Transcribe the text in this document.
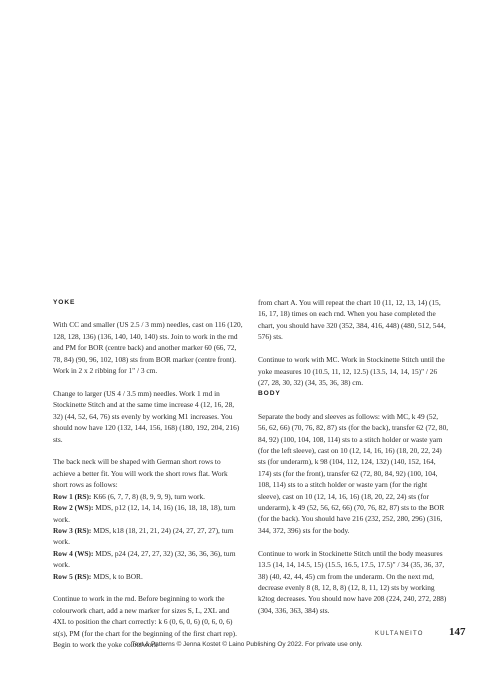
YOKE

With CC and smaller (US 2.5 / 3 mm) needles, cast on 116 (120, 128, 128, 136) (136, 140, 140, 140) sts. Join to work in the rnd and PM for BOR (centre back) and another marker 60 (66, 72, 78, 84) (90, 96, 102, 108) sts from BOR marker (centre front). Work in 2 x 2 ribbing for 1" / 3 cm.

Change to larger (US 4 / 3.5 mm) needles. Work 1 rnd in Stockinette Stitch and at the same time increase 4 (12, 16, 28, 32) (44, 52, 64, 76) sts evenly by working M1 increases. You should now have 120 (132, 144, 156, 168) (180, 192, 204, 216) sts.

The back neck will be shaped with German short rows to achieve a better fit. You will work the short rows flat. Work short rows as follows:

Row 1 (RS): K66 (6, 7, 7, 8) (8, 9, 9, 9), turn work.

Row 2 (WS): MDS, p12 (12, 14, 14, 16) (16, 18, 18, 18), turn work.

Row 3 (RS): MDS, k18 (18, 21, 21, 24) (24, 27, 27, 27), turn work.

Row 4 (WS): MDS, p24 (24, 27, 27, 32) (32, 36, 36, 36), turn work.

Row 5 (RS): MDS, k to BOR.

Continue to work in the rnd. Before beginning to work the colourwork chart, add a new marker for sizes S, L, 2XL and 4XL to position the chart correctly: k 6 (0, 6, 0, 6) (0, 6, 0, 6) st(s), PM (for the chart for the beginning of the first chart rep). Begin to work the yoke colourwork

from chart A. You will repeat the chart 10 (11, 12, 13, 14) (15, 16, 17, 18) times on each rnd. When you hase completed the chart, you should have 320 (352, 384, 416, 448) (480, 512, 544, 576) sts.

Continue to work with MC. Work in Stockinette Stitch until the yoke measures 10 (10.5, 11, 12, 12.5) (13.5, 14, 14, 15)" / 26 (27, 28, 30, 32) (34, 35, 36, 38) cm.

BODY

Separate the body and sleeves as follows: with MC, k 49 (52, 56, 62, 66) (70, 76, 82, 87) sts (for the back), transfer 62 (72, 80, 84, 92) (100, 104, 108, 114) sts to a stitch holder or waste yarn (for the left sleeve), cast on 10 (12, 14, 16, 16) (18, 20, 22, 24) sts (for underarm), k 98 (104, 112, 124, 132) (140, 152, 164, 174) sts (for the front), transfer 62 (72, 80, 84, 92) (100, 104, 108, 114) sts to a stitch holder or waste yarn (for the right sleeve), cast on 10 (12, 14, 16, 16) (18, 20, 22, 24) sts (for underarm), k 49 (52, 56, 62, 66) (70, 76, 82, 87) sts to the BOR (for the back). You should have 216 (232, 252, 280, 296) (316, 344, 372, 396) sts for the body.

Continue to work in Stockinette Stitch until the body measures 13.5 (14, 14, 14.5, 15) (15.5, 16.5, 17.5, 17.5)" / 34 (35, 36, 37, 38) (40, 42, 44, 45) cm from the underarm. On the next rnd, decrease evenly 8 (8, 12, 8, 8) (12, 8, 11, 12) sts by working k2tog decreases. You should now have 208 (224, 240, 272, 288) (304, 336, 363, 384) sts.

KULTANEITO 147
Text & Patterns © Jenna Kostet © Laino Publishing Oy 2022. For private use only.
